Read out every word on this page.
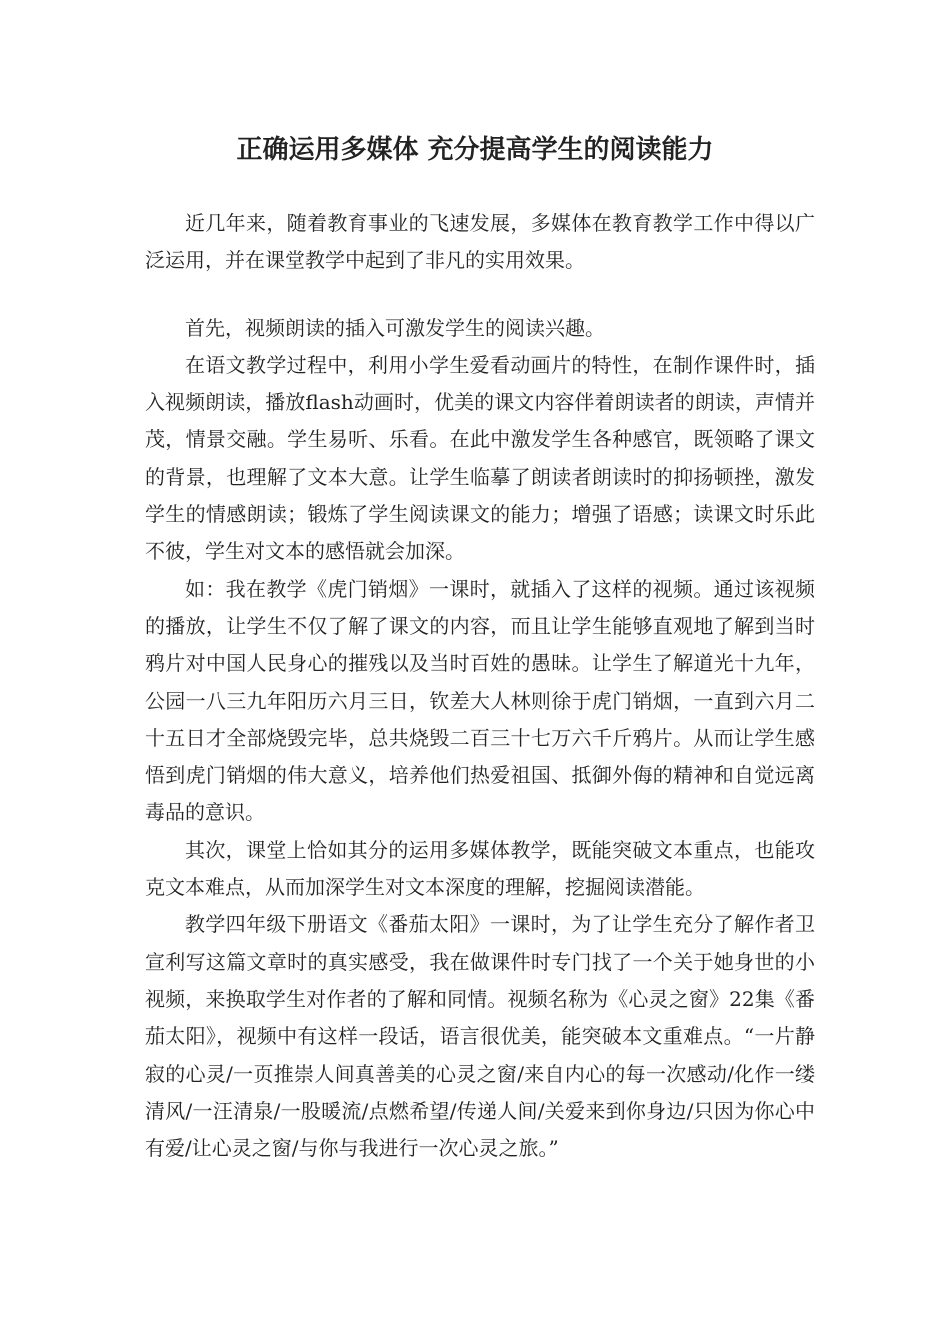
正确运用多媒体 充分提高学生的阅读能力

近几年来，随着教育事业的飞速发展，多媒体在教育教学工作中得以广泛运用，并在课堂教学中起到了非凡的实用效果。

首先，视频朗读的插入可激发学生的阅读兴趣。

在语文教学过程中，利用小学生爱看动画片的特性，在制作课件时，插入视频朗读，播放flash动画时，优美的课文内容伴着朗读者的朗读，声情并茂，情景交融。学生易听、乐看。在此中激发学生各种感官，既领略了课文的背景，也理解了文本大意。让学生临摹了朗读者朗读时的抑扬顿挫，激发学生的情感朗读；锻炼了学生阅读课文的能力；增强了语感；读课文时乐此不彼，学生对文本的感悟就会加深。

如：我在教学《虎门销烟》一课时，就插入了这样的视频。通过该视频的播放，让学生不仅了解了课文的内容，而且让学生能够直观地了解到当时鸦片对中国人民身心的摧残以及当时百姓的愚昧。让学生了解道光十九年，公园一八三九年阳历六月三日，钦差大人林则徐于虎门销烟，一直到六月二十五日才全部烧毁完毕，总共烧毁二百三十七万六千斤鸦片。从而让学生感悟到虎门销烟的伟大意义，培养他们热爱祖国、抵御外侮的精神和自觉远离毒品的意识。

其次，课堂上恰如其分的运用多媒体教学，既能突破文本重点，也能攻克文本难点，从而加深学生对文本深度的理解，挖掘阅读潜能。

教学四年级下册语文《番茄太阳》一课时，为了让学生充分了解作者卫宣利写这篇文章时的真实感受，我在做课件时专门找了一个关于她身世的小视频，来换取学生对作者的了解和同情。视频名称为《心灵之窗》22集《番茄太阳》，视频中有这样一段话，语言很优美，能突破本文重难点。“一片静寂的心灵/一页推崇人间真善美的心灵之窗/来自内心的每一次感动/化作一缕清风/一汪清泉/一股暖流/点燃希望/传递人间/关爱来到你身边/只因为你心中有爱/让心灵之窗/与你与我进行一次心灵之旅。”
